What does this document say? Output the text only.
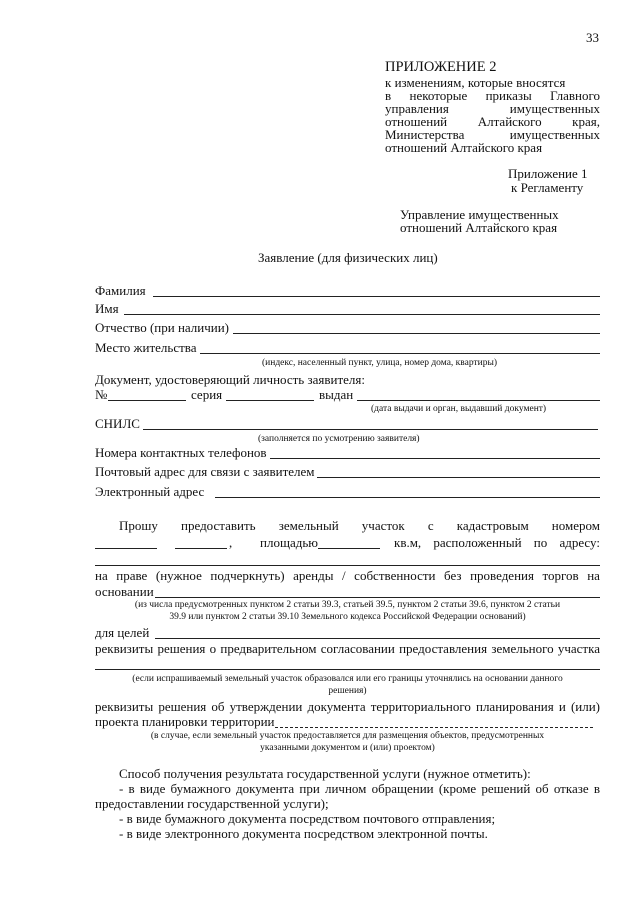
33
ПРИЛОЖЕНИЕ 2
к изменениям, которые вносятся
в некоторые приказы Главного
управления имущественных
отношений Алтайского края,
Министерства имущественных
отношений Алтайского края
Приложение 1
к Регламенту
Управление имущественных
отношений Алтайского края
Заявление (для физических лиц)
Фамилия
Имя
Отчество (при наличии)
Место жительства
(индекс, населенный пункт, улица, номер дома, квартиры)
Документ, удостоверяющий личность заявителя:
№	серия	выдан
(дата выдачи и орган, выдавший документ)
СНИЛС
(заполняется по усмотрению заявителя)
Номера контактных телефонов
Почтовый адрес для связи с заявителем
Электронный адрес
Прошу предоставить земельный участок с кадастровым номером
, площадью	кв.м, расположенный по адресу:
на праве (нужное подчеркнуть) аренды / собственности без проведения торгов на
основании
(из числа предусмотренных пунктом 2 статьи 39.3, статьей 39.5, пунктом 2 статьи 39.6, пунктом 2 статьи
39.9 или пунктом 2 статьи 39.10 Земельного кодекса Российской Федерации оснований)
для целей
реквизиты решения о предварительном согласовании предоставления земельного участка
(если испрашиваемый земельный участок образовался или его границы уточнялись на основании данного
решения)
реквизиты решения об утверждении документа территориального планирования и (или)
проекта планировки территории
(в случае, если земельный участок предоставляется для размещения объектов, предусмотренных
указанными документом и (или) проектом)
Способ получения результата государственной услуги (нужное отметить):
- в виде бумажного документа при личном обращении (кроме решений об отказе в
предоставлении государственной услуги);
- в виде бумажного документа посредством почтового отправления;
- в виде электронного документа посредством электронной почты.
